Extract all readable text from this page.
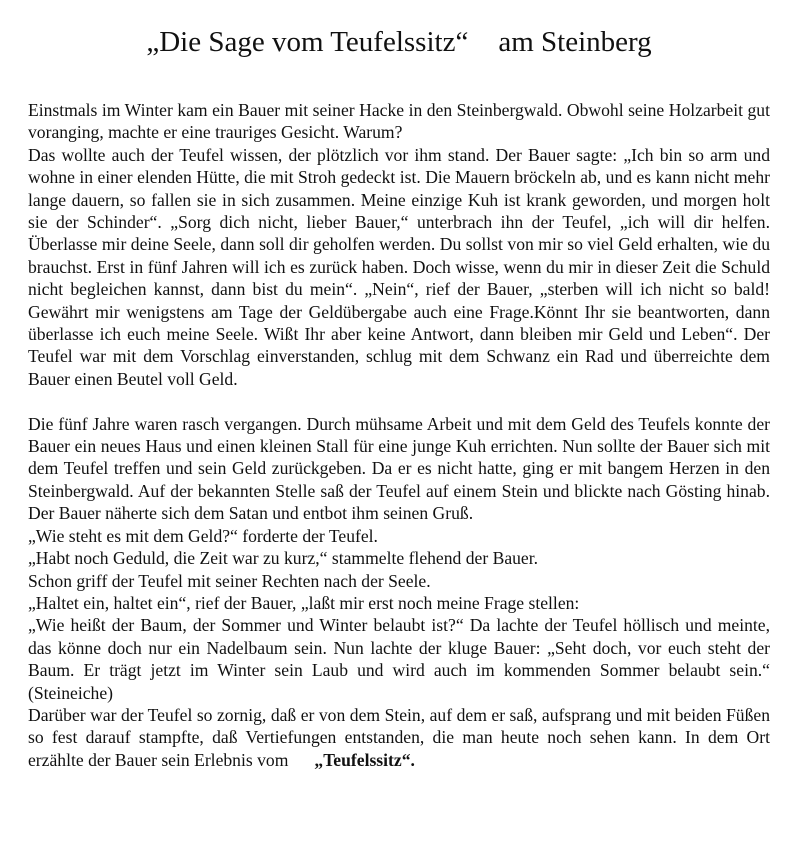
„Die Sage vom Teufelssitz“ am Steinberg

Einstmals im Winter kam ein Bauer mit seiner Hacke in den Steinbergwald. Obwohl seine Holzarbeit gut voranging, machte er eine trauriges Gesicht. Warum?

Das wollte auch der Teufel wissen, der plötzlich vor ihm stand. Der Bauer sagte: „Ich bin so arm und wohne in einer elenden Hütte, die mit Stroh gedeckt ist. Die Mauern bröckeln ab, und es kann nicht mehr lange dauern, so fallen sie in sich zusammen. Meine einzige Kuh ist krank geworden, und morgen holt sie der Schinder“. „Sorg dich nicht, lieber Bauer,“ unterbrach ihn der Teufel, „ich will dir helfen. Überlasse mir deine Seele, dann soll dir geholfen werden. Du sollst von mir so viel Geld erhalten, wie du brauchst. Erst in fünf Jahren will ich es zurück haben. Doch wisse, wenn du mir in dieser Zeit die Schuld nicht begleichen kannst, dann bist du mein“. „Nein“, rief der Bauer, „sterben will ich nicht so bald! Gewährt mir wenigstens am Tage der Geldübergabe auch eine Frage.Könnt Ihr sie beantworten, dann überlasse ich euch meine Seele. Wißt Ihr aber keine Antwort, dann bleiben mir Geld und Leben“. Der Teufel war mit dem Vorschlag einverstanden, schlug mit dem Schwanz ein Rad und überreichte dem Bauer einen Beutel voll Geld.

Die fünf Jahre waren rasch vergangen. Durch mühsame Arbeit und mit dem Geld des Teufels konnte der Bauer ein neues Haus und einen kleinen Stall für eine junge Kuh errichten. Nun sollte der Bauer sich mit dem Teufel treffen und sein Geld zurückgeben. Da er es nicht hatte, ging er mit bangem Herzen in den Steinbergwald. Auf der bekannten Stelle saß der Teufel auf einem Stein und blickte nach Gösting hinab. Der Bauer näherte sich dem Satan und entbot ihm seinen Gruß.

„Wie steht es mit dem Geld?“ forderte der Teufel.

„Habt noch Geduld, die Zeit war zu kurz,“ stammelte flehend der Bauer.

Schon griff der Teufel mit seiner Rechten nach der Seele.

„Haltet ein, haltet ein“, rief der Bauer, „laßt mir erst noch meine Frage stellen:

„Wie heißt der Baum, der Sommer und Winter belaubt ist?“ Da lachte der Teufel höllisch und meinte, das könne doch nur ein Nadelbaum sein. Nun lachte der kluge Bauer: „Seht doch, vor euch steht der Baum. Er trägt jetzt im Winter sein Laub und wird auch im kommenden Sommer belaubt sein.“ (Steineiche)

Darüber war der Teufel so zornig, daß er von dem Stein, auf dem er saß, aufsprang und mit beiden Füßen so fest darauf stampfte, daß Vertiefungen entstanden, die man heute noch sehen kann. In dem Ort erzählte der Bauer sein Erlebnis vom „Teufelssitz“.
